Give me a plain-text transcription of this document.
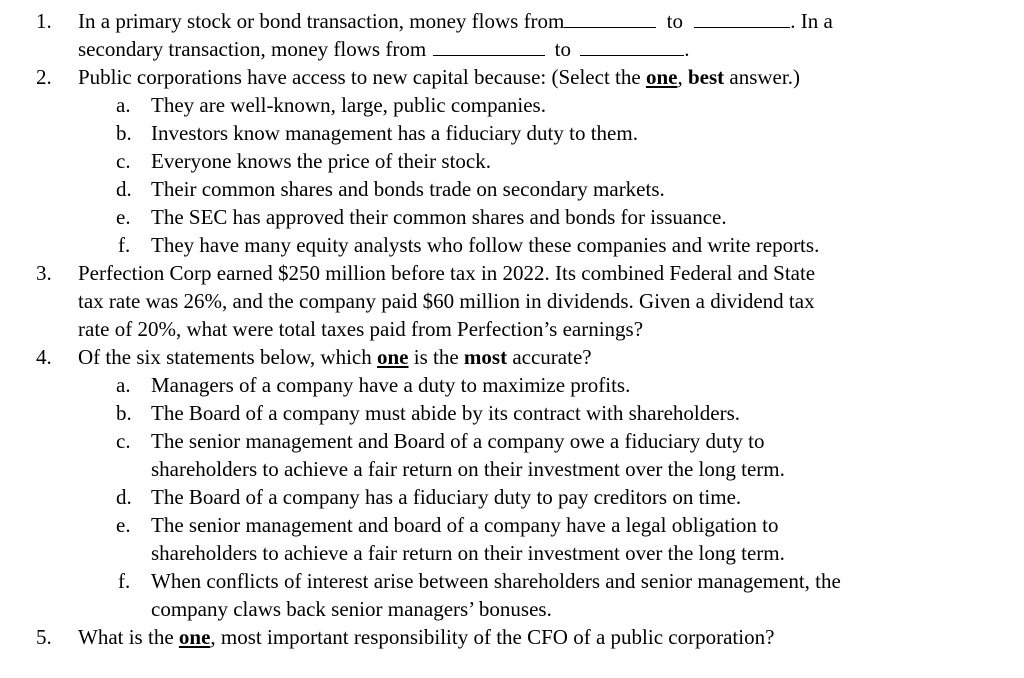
1. In a primary stock or bond transaction, money flows from	to	. In a
secondary transaction, money flows from	to	.
2. Public corporations have access to new capital because: (Select the one, best answer.)
a. They are well-known, large, public companies.
b. Investors know management has a fiduciary duty to them.
c. Everyone knows the price of their stock.
d. Their common shares and bonds trade on secondary markets.
e. The SEC has approved their common shares and bonds for issuance.
f. They have many equity analysts who follow these companies and write reports.
3. Perfection Corp earned $250 million before tax in 2022. Its combined Federal and State
tax rate was 26%, and the company paid $60 million in dividends. Given a dividend tax
rate of 20%, what were total taxes paid from Perfection’s earnings?
4. Of the six statements below, which one is the most accurate?
a. Managers of a company have a duty to maximize profits.
b. The Board of a company must abide by its contract with shareholders.
c. The senior management and Board of a company owe a fiduciary duty to
shareholders to achieve a fair return on their investment over the long term.
d. The Board of a company has a fiduciary duty to pay creditors on time.
e. The senior management and board of a company have a legal obligation to
shareholders to achieve a fair return on their investment over the long term.
f. When conflicts of interest arise between shareholders and senior management, the
company claws back senior managers’ bonuses.
5. What is the one, most important responsibility of the CFO of a public corporation?
